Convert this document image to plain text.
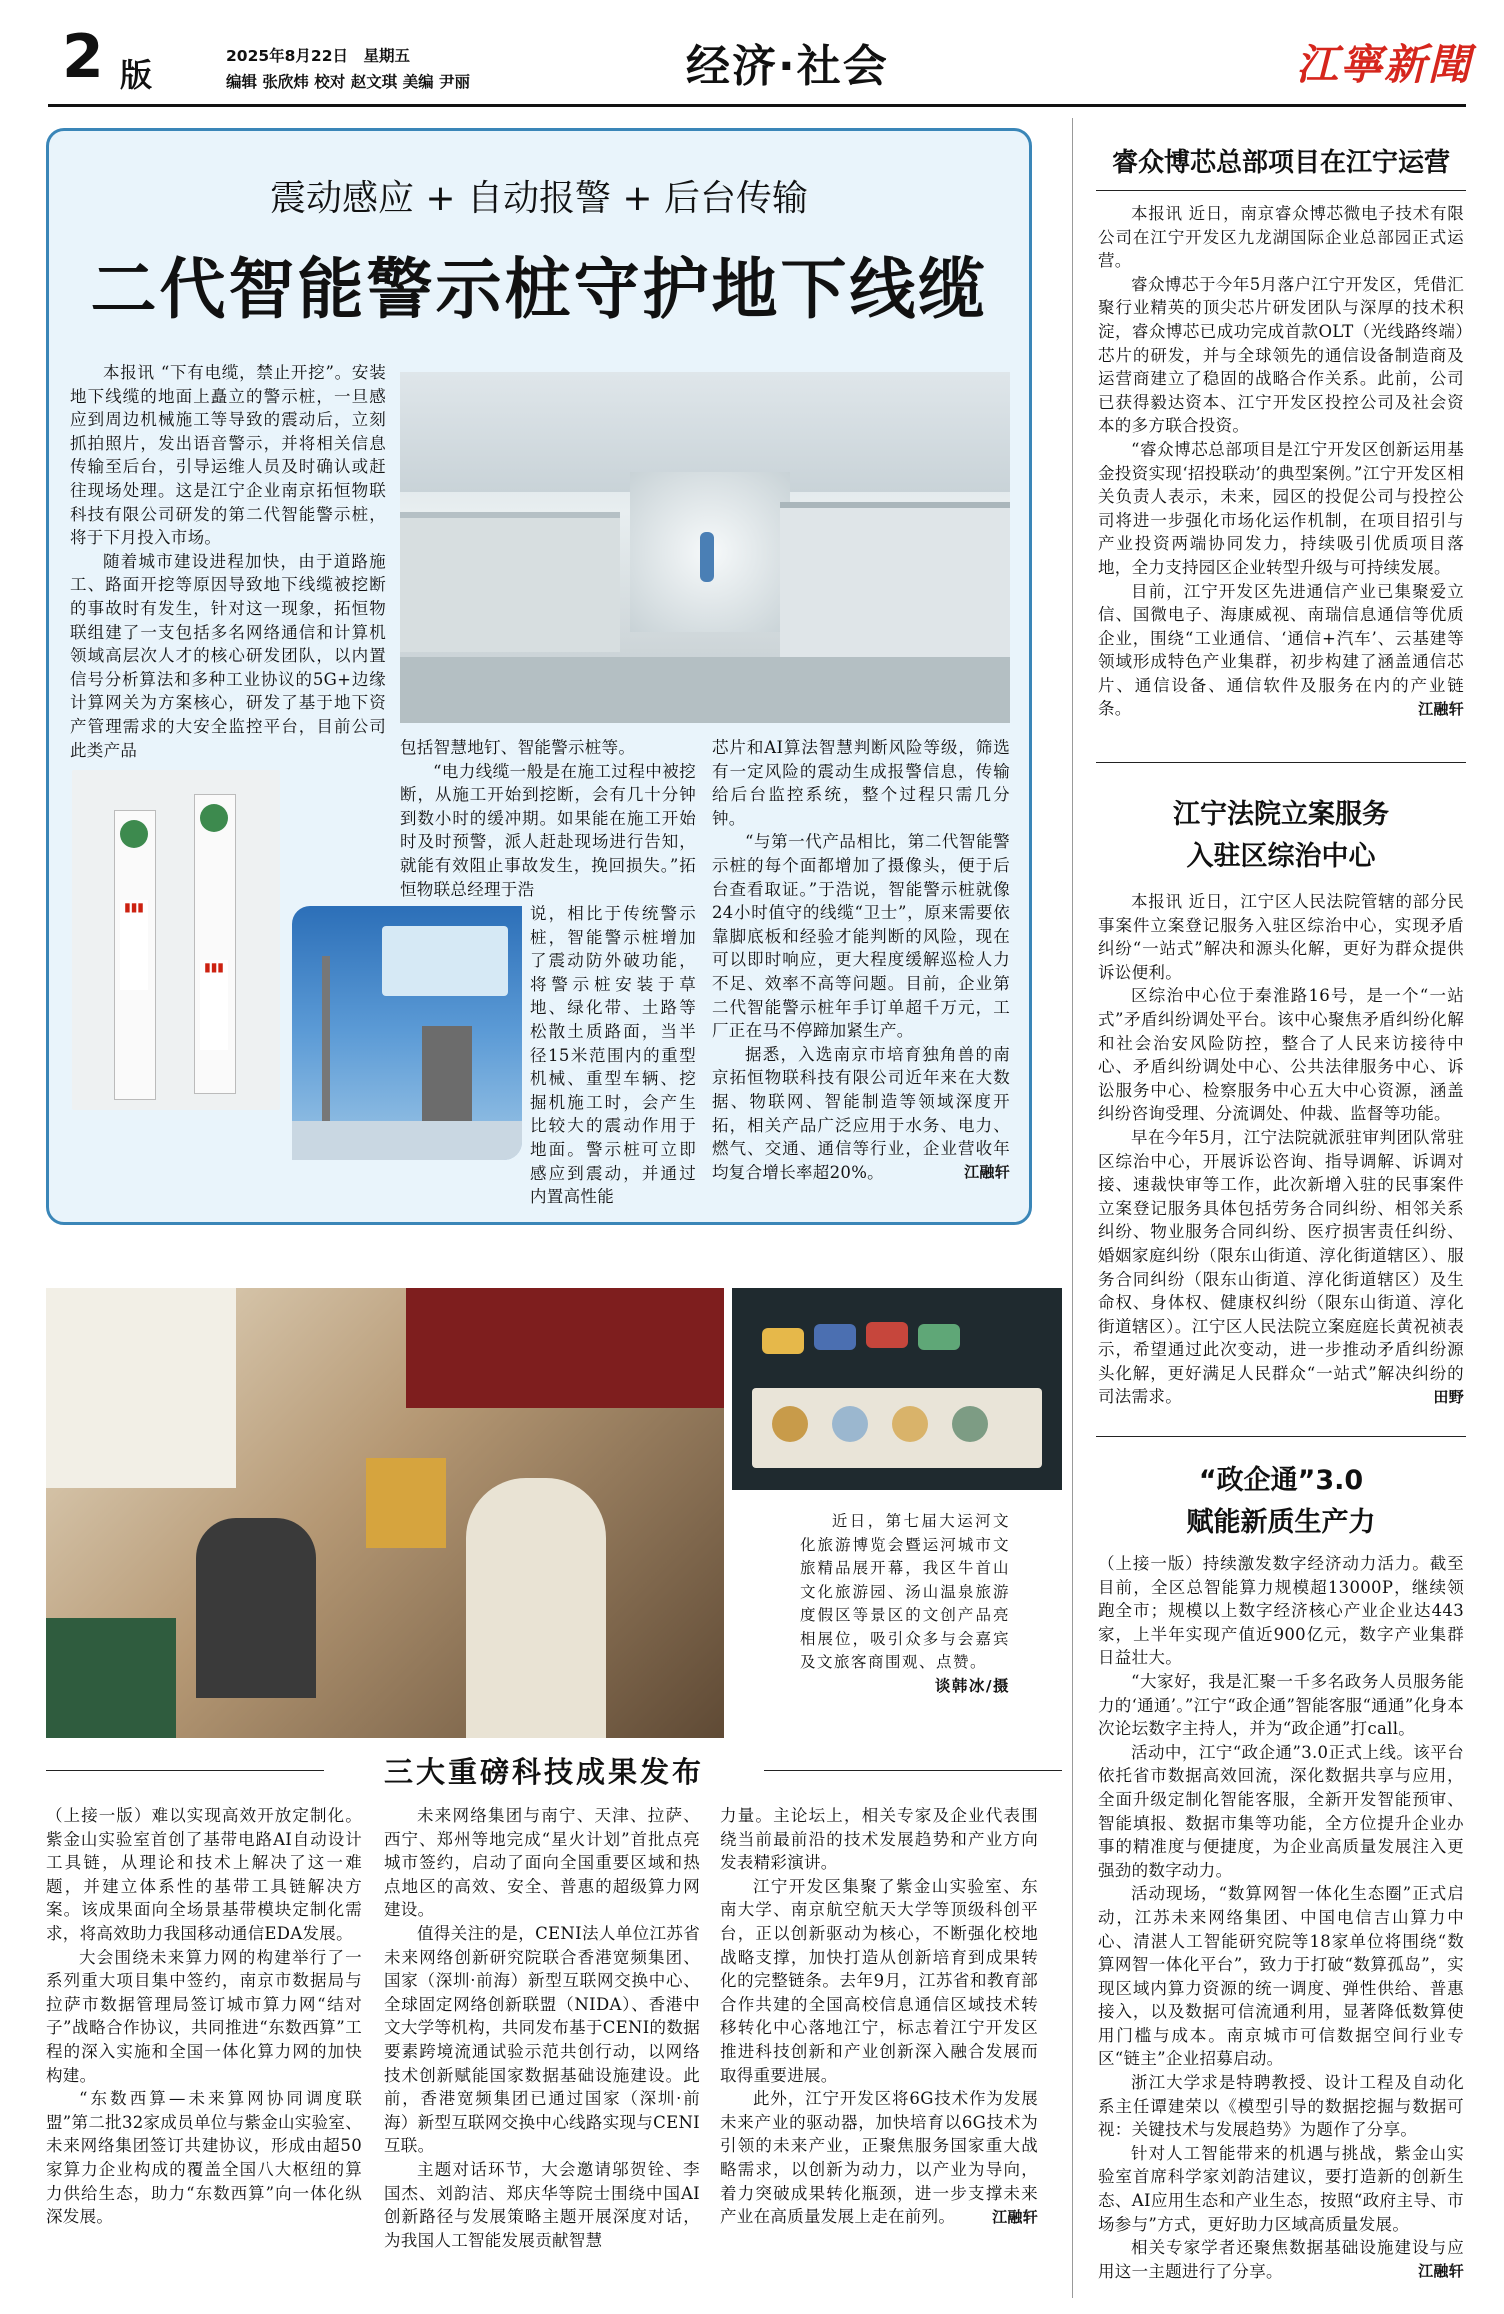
2 版	2025年8月22日　星期五
编辑 张欣炜 校对 赵文琪 美编 尹丽	经济·社会	江寧新聞
震动感应 + 自动报警 + 后台传输
二代智能警示桩守护地下线缆

本报讯 “下有电缆，禁止开挖”。安装地下线缆的地面上矗立的警示桩，一旦感应到周边机械施工等导致的震动后，立刻抓拍照片，发出语音警示，并将相关信息传输至后台，引导运维人员及时确认或赶往现场处理。这是江宁企业南京拓恒物联科技有限公司研发的第二代智能警示桩，将于下月投入市场。

随着城市建设进程加快，由于道路施工、路面开挖等原因导致地下线缆被挖断的事故时有发生，针对这一现象，拓恒物联组建了一支包括多名网络通信和计算机领域高层次人才的核心研发团队，以内置信号分析算法和多种工业协议的5G+边缘计算网关为方案核心，研发了基于地下资产管理需求的大安全监控平台，目前公司此类产品	包括智慧地钉、智能警示桩等。

“电力线缆一般是在施工过程中被挖断，从施工开始到挖断，会有几十分钟到数小时的缓冲期。如果能在施工开始时及时预警，派人赶赴现场进行告知，就能有效阻止事故发生，挽回损失。”拓恒物联总经理于浩

说，相比于传统警示桩，智能警示桩增加了震动防外破功能，将警示桩安装于草地、绿化带、土路等松散土质路面，当半径15米范围内的重型机械、重型车辆、挖掘机施工时，会产生比较大的震动作用于地面。警示桩可立即感应到震动，并通过内置高性能

芯片和AI算法智慧判断风险等级，筛选有一定风险的震动生成报警信息，传输给后台监控系统，整个过程只需几分钟。

“与第一代产品相比，第二代智能警示桩的每个面都增加了摄像头，便于后台查看取证。”于浩说，智能警示桩就像24小时值守的线缆“卫士”，原来需要依靠脚底板和经验才能判断的风险，现在可以即时响应，更大程度缓解巡检人力不足、效率不高等问题。目前，企业第二代智能警示桩年手订单超千万元，工厂正在马不停蹄加紧生产。

据悉，入选南京市培育独角兽的南京拓恒物联科技有限公司近年来在大数据、物联网、智能制造等领域深度开拓，相关产品广泛应用于水务、电力、燃气、交通、通信等行业，企业营收年均复合增长率超20%。	江融轩
▮▮▮
▮▮▮
近日，第七届大运河文化旅游博览会暨运河城市文旅精品展开幕，我区牛首山文化旅游园、汤山温泉旅游度假区等景区的文创产品亮相展位，吸引众多与会嘉宾及文旅客商围观、点赞。
谈韩冰/摄
三大重磅科技成果发布

（上接一版）难以实现高效开放定制化。紫金山实验室首创了基带电路AI自动设计工具链，从理论和技术上解决了这一难题，并建立体系性的基带工具链解决方案。该成果面向全场景基带模块定制化需求，将高效助力我国移动通信EDA发展。

大会围绕未来算力网的构建举行了一系列重大项目集中签约，南京市数据局与拉萨市数据管理局签订城市算力网“结对子”战略合作协议，共同推进“东数西算”工程的深入实施和全国一体化算力网的加快构建。

“东数西算—未来算网协同调度联盟”第二批32家成员单位与紫金山实验室、未来网络集团签订共建协议，形成由超50家算力企业构成的覆盖全国八大枢纽的算力供给生态，助力“东数西算”向一体化纵深发展。

未来网络集团与南宁、天津、拉萨、西宁、郑州等地完成“星火计划”首批点亮城市签约，启动了面向全国重要区域和热点地区的高效、安全、普惠的超级算力网建设。

值得关注的是，CENI法人单位江苏省未来网络创新研究院联合香港宽频集团、国家（深圳·前海）新型互联网交换中心、全球固定网络创新联盟（NIDA）、香港中文大学等机构，共同发布基于CENI的数据要素跨境流通试验示范共创行动，以网络技术创新赋能国家数据基础设施建设。此前，香港宽频集团已通过国家（深圳·前海）新型互联网交换中心线路实现与CENI互联。

主题对话环节，大会邀请邬贺铨、李国杰、刘韵洁、郑庆华等院士围绕中国AI创新路径与发展策略主题开展深度对话，为我国人工智能发展贡献智慧

力量。主论坛上，相关专家及企业代表围绕当前最前沿的技术发展趋势和产业方向发表精彩演讲。

江宁开发区集聚了紫金山实验室、东南大学、南京航空航天大学等顶级科创平台，正以创新驱动为核心，不断强化校地战略支撑，加快打造从创新培育到成果转化的完整链条。去年9月，江苏省和教育部合作共建的全国高校信息通信区域技术转移转化中心落地江宁，标志着江宁开发区推进科技创新和产业创新深入融合发展而取得重要进展。

此外，江宁开发区将6G技术作为发展未来产业的驱动器，加快培育以6G技术为引领的未来产业，正聚焦服务国家重大战略需求，以创新为动力，以产业为导向，着力突破成果转化瓶颈，进一步支撑未来产业在高质量发展上走在前列。	江融轩
睿众博芯总部项目在江宁运营

本报讯 近日，南京睿众博芯微电子技术有限公司在江宁开发区九龙湖国际企业总部园正式运营。

睿众博芯于今年5月落户江宁开发区，凭借汇聚行业精英的顶尖芯片研发团队与深厚的技术积淀，睿众博芯已成功完成首款OLT（光线路终端）芯片的研发，并与全球领先的通信设备制造商及运营商建立了稳固的战略合作关系。此前，公司已获得毅达资本、江宁开发区投控公司及社会资本的多方联合投资。

“睿众博芯总部项目是江宁开发区创新运用基金投资实现‘招投联动’的典型案例。”江宁开发区相关负责人表示，未来，园区的投促公司与投控公司将进一步强化市场化运作机制，在项目招引与产业投资两端协同发力，持续吸引优质项目落地，全力支持园区企业转型升级与可持续发展。

目前，江宁开发区先进通信产业已集聚爱立信、国微电子、海康威视、南瑞信息通信等优质企业，围绕“工业通信、‘通信+汽车’、云基建等领域形成特色产业集群，初步构建了涵盖通信芯片、通信设备、通信软件及服务在内的产业链条。	江融轩
江宁法院立案服务
入驻区综治中心

本报讯 近日，江宁区人民法院管辖的部分民事案件立案登记服务入驻区综治中心，实现矛盾纠纷“一站式”解决和源头化解，更好为群众提供诉讼便利。

区综治中心位于秦淮路16号，是一个“一站式”矛盾纠纷调处平台。该中心聚焦矛盾纠纷化解和社会治安风险防控，整合了人民来访接待中心、矛盾纠纷调处中心、公共法律服务中心、诉讼服务中心、检察服务中心五大中心资源，涵盖纠纷咨询受理、分流调处、仲裁、监督等功能。

早在今年5月，江宁法院就派驻审判团队常驻区综治中心，开展诉讼咨询、指导调解、诉调对接、速裁快审等工作，此次新增入驻的民事案件立案登记服务具体包括劳务合同纠纷、相邻关系纠纷、物业服务合同纠纷、医疗损害责任纠纷、婚姻家庭纠纷（限东山街道、淳化街道辖区）、服务合同纠纷（限东山街道、淳化街道辖区）及生命权、身体权、健康权纠纷（限东山街道、淳化街道辖区）。江宁区人民法院立案庭庭长黄祝祯表示，希望通过此次变动，进一步推动矛盾纠纷源头化解，更好满足人民群众“一站式”解决纠纷的司法需求。	田野
“政企通”3.0
赋能新质生产力

（上接一版）持续激发数字经济动力活力。截至目前，全区总智能算力规模超13000P，继续领跑全市；规模以上数字经济核心产业企业达443家，上半年实现产值近900亿元，数字产业集群日益壮大。

“大家好，我是汇聚一千多名政务人员服务能力的‘通通’。”江宁“政企通”智能客服“通通”化身本次论坛数字主持人，并为“政企通”打call。

活动中，江宁“政企通”3.0正式上线。该平台依托省市数据高效回流，深化数据共享与应用，全面升级定制化智能客服，全新开发智能预审、智能填报、数据市集等功能，全方位提升企业办事的精准度与便捷度，为企业高质量发展注入更强劲的数字动力。

活动现场，“数算网智一体化生态圈”正式启动，江苏未来网络集团、中国电信吉山算力中心、清湛人工智能研究院等18家单位将围绕“数算网智一体化平台”，致力于打破“数算孤岛”，实现区域内算力资源的统一调度、弹性供给、普惠接入，以及数据可信流通利用，显著降低数算使用门槛与成本。南京城市可信数据空间行业专区“链主”企业招募启动。

浙江大学求是特聘教授、设计工程及自动化系主任谭建荣以《模型引导的数据挖掘与数据可视：关键技术与发展趋势》为题作了分享。

针对人工智能带来的机遇与挑战，紫金山实验室首席科学家刘韵洁建议，要打造新的创新生态、AI应用生态和产业生态，按照“政府主导、市场参与”方式，更好助力区域高质量发展。

相关专家学者还聚焦数据基础设施建设与应用这一主题进行了分享。	江融轩
